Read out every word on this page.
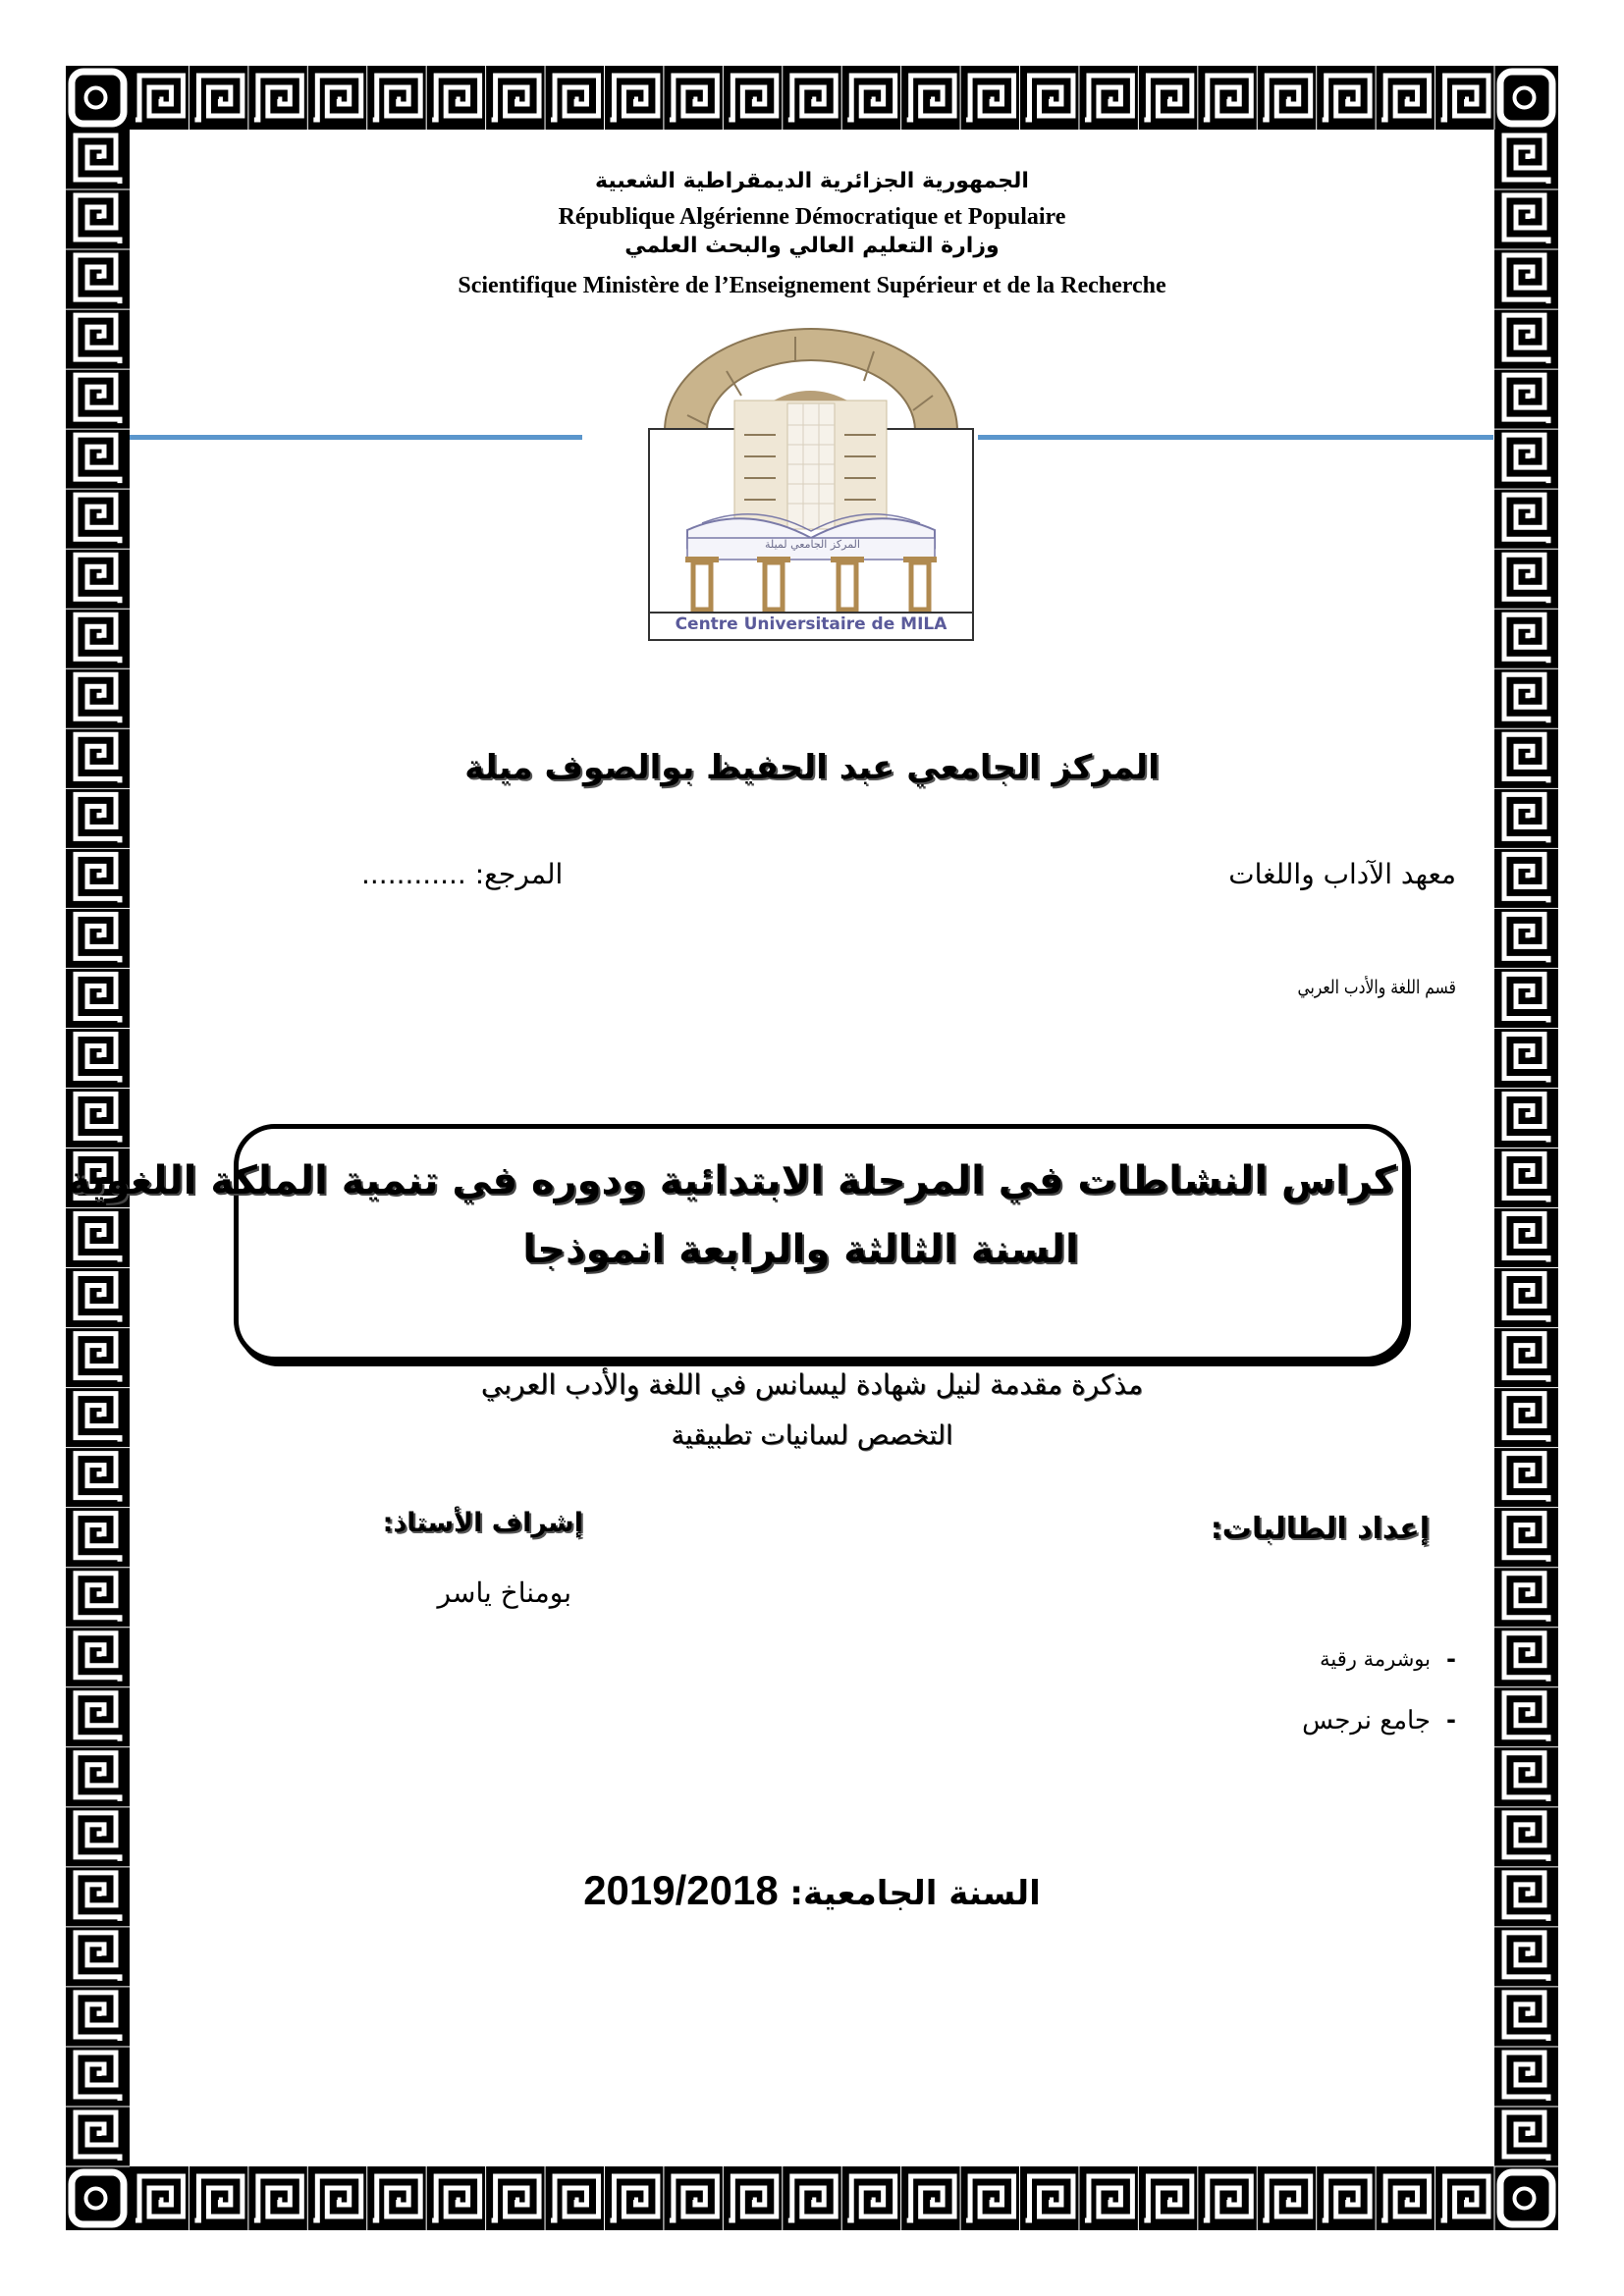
الجمهورية الجزائرية الديمقراطية الشعبية
République Algérienne Démocratique et Populaire
وزارة التعليم العالي والبحث العلمي
Scientifique Ministère de l’Enseignement Supérieur et de la Recherche
المركز الجامعي لميلة
Centre Universitaire de MILA
المركز الجامعي عبد الحفيظ بوالصوف ميلة
معهد الآداب واللغات
............ المرجع:
قسم اللغة والأدب العربي
كراس النشاطات في المرحلة الابتدائية ودوره في تنمية الملكة اللغوية
السنة الثالثة والرابعة انموذجا
مذكرة مقدمة لنيل شهادة ليسانس في اللغة والأدب العربي
التخصص لسانيات تطبيقية
إشراف الأستاذ:
بومناخ ياسر
إعداد الطالبات:
-
بوشرمة رقية
-
جامع نرجس
2019/2018 السنة الجامعية:
